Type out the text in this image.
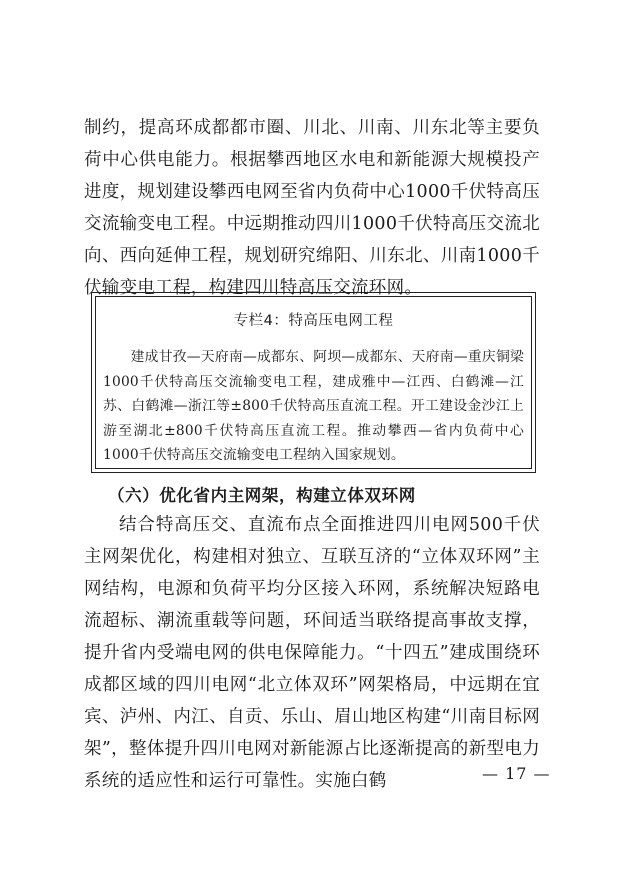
制约，提高环成都都市圈、川北、川南、川东北等主要负荷中心供电能力。根据攀西地区水电和新能源大规模投产进度，规划建设攀西电网至省内负荷中心1000千伏特高压交流输变电工程。中远期推动四川1000千伏特高压交流北向、西向延伸工程，规划研究绵阳、川东北、川南1000千伏输变电工程，构建四川特高压交流环网。

专栏4：特高压电网工程

建成甘孜—天府南—成都东、阿坝—成都东、天府南—重庆铜梁1000千伏特高压交流输变电工程，建成雅中—江西、白鹤滩—江苏、白鹤滩—浙江等±800千伏特高压直流工程。开工建设金沙江上游至湖北±800千伏特高压直流工程。推动攀西—省内负荷中心1000千伏特高压交流输变电工程纳入国家规划。

（六）优化省内主网架，构建立体双环网

结合特高压交、直流布点全面推进四川电网500千伏主网架优化，构建相对独立、互联互济的“立体双环网”主网结构，电源和负荷平均分区接入环网，系统解决短路电流超标、潮流重载等问题，环间适当联络提高事故支撑，提升省内受端电网的供电保障能力。“十四五”建成围绕环成都区域的四川电网“北立体双环”网架格局，中远期在宜宾、泸州、内江、自贡、乐山、眉山地区构建“川南目标网架”，整体提升四川电网对新能源占比逐渐提高的新型电力系统的适应性和运行可靠性。实施白鹤	— 17 —
